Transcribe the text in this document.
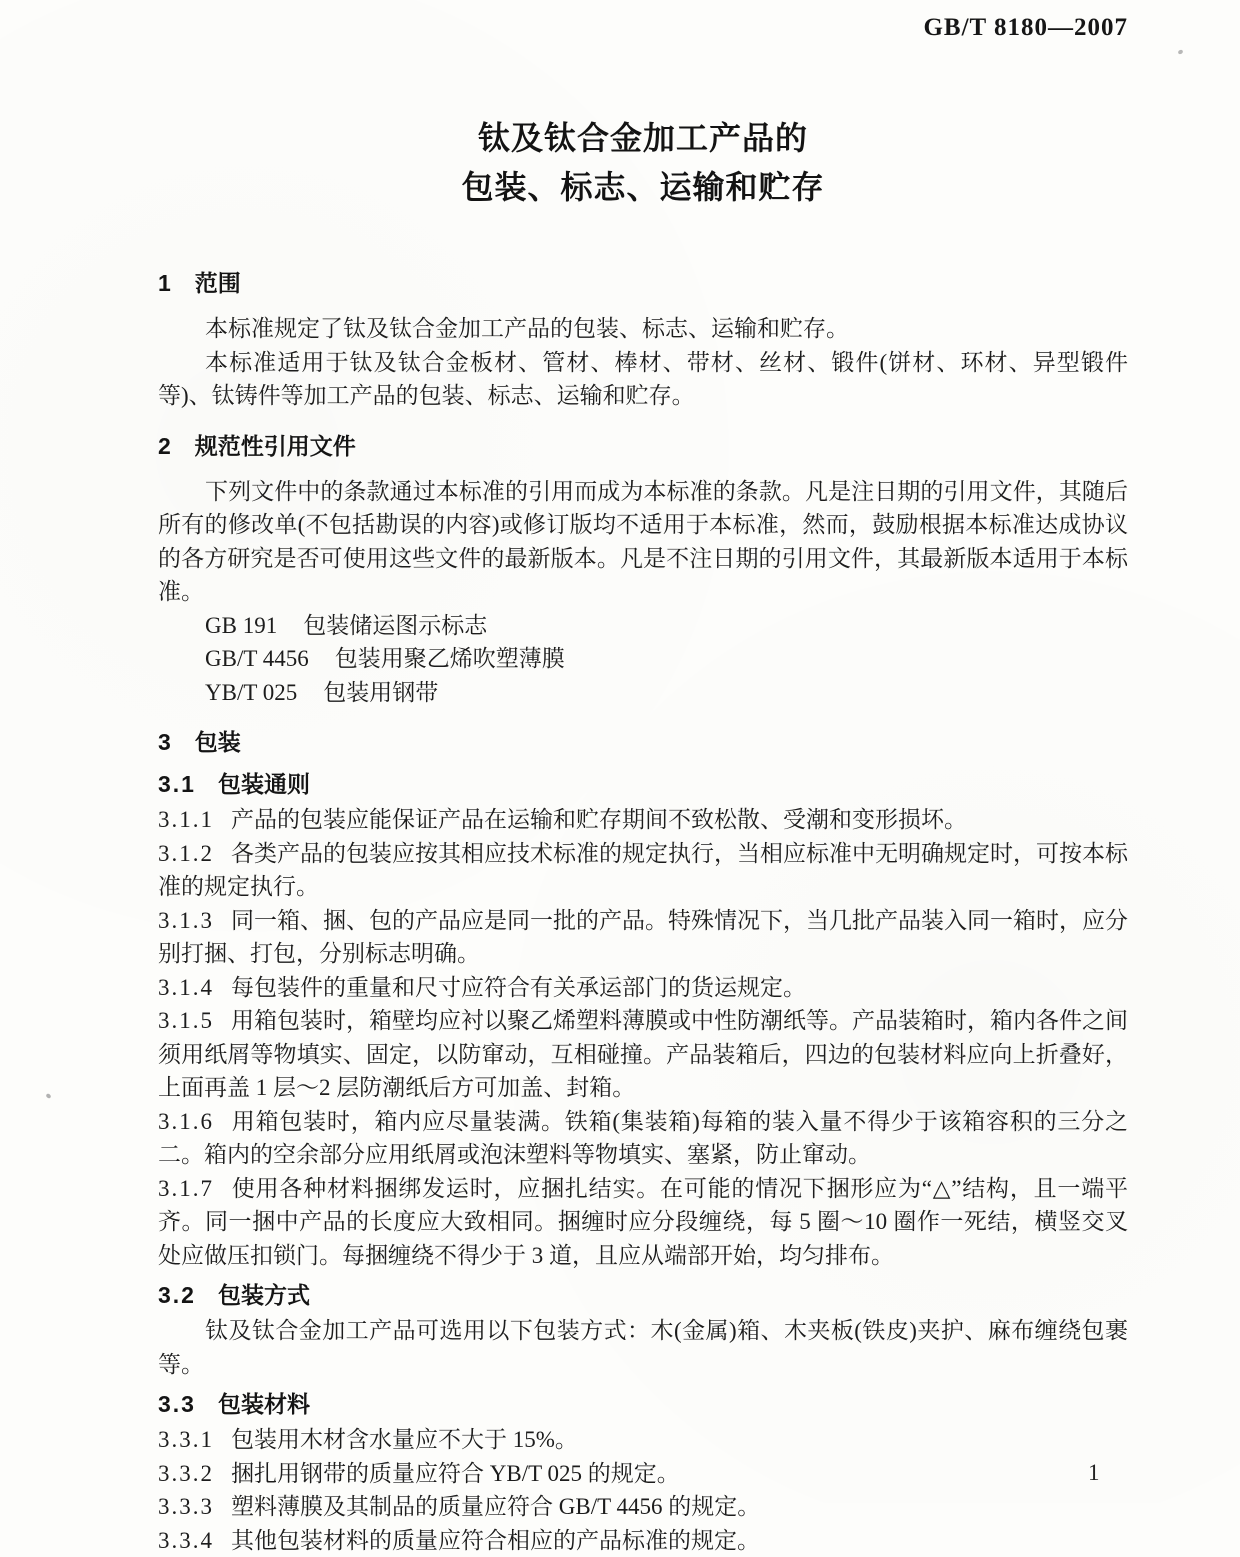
GB/T 8180—2007
钛及钛合金加工产品的
包装、标志、运输和贮存
1 范围

本标准规定了钛及钛合金加工产品的包装、标志、运输和贮存。

本标准适用于钛及钛合金板材、管材、棒材、带材、丝材、锻件(饼材、环材、异型锻件等)、钛铸件等加工产品的包装、标志、运输和贮存。

2 规范性引用文件

下列文件中的条款通过本标准的引用而成为本标准的条款。凡是注日期的引用文件，其随后所有的修改单(不包括勘误的内容)或修订版均不适用于本标准，然而，鼓励根据本标准达成协议的各方研究是否可使用这些文件的最新版本。凡是不注日期的引用文件，其最新版本适用于本标准。

GB 191 包装储运图示标志

GB/T 4456 包装用聚乙烯吹塑薄膜

YB/T 025 包装用钢带

3 包装
3.1 包装通则

3.1.1 产品的包装应能保证产品在运输和贮存期间不致松散、受潮和变形损坏。

3.1.2 各类产品的包装应按其相应技术标准的规定执行，当相应标准中无明确规定时，可按本标准的规定执行。

3.1.3 同一箱、捆、包的产品应是同一批的产品。特殊情况下，当几批产品装入同一箱时，应分别打捆、打包，分别标志明确。

3.1.4 每包装件的重量和尺寸应符合有关承运部门的货运规定。

3.1.5 用箱包装时，箱壁均应衬以聚乙烯塑料薄膜或中性防潮纸等。产品装箱时，箱内各件之间须用纸屑等物填实、固定，以防窜动，互相碰撞。产品装箱后，四边的包装材料应向上折叠好，上面再盖 1 层～2 层防潮纸后方可加盖、封箱。

3.1.6 用箱包装时，箱内应尽量装满。铁箱(集装箱)每箱的装入量不得少于该箱容积的三分之二。箱内的空余部分应用纸屑或泡沫塑料等物填实、塞紧，防止窜动。

3.1.7 使用各种材料捆绑发运时，应捆扎结实。在可能的情况下捆形应为“△”结构，且一端平齐。同一捆中产品的长度应大致相同。捆缠时应分段缠绕，每 5 圈～10 圈作一死结，横竖交叉处应做压扣锁门。每捆缠绕不得少于 3 道，且应从端部开始，均匀排布。

3.2 包装方式

钛及钛合金加工产品可选用以下包装方式：木(金属)箱、木夹板(铁皮)夹护、麻布缠绕包裹等。

3.3 包装材料

3.3.1 包装用木材含水量应不大于 15%。

3.3.2 捆扎用钢带的质量应符合 YB/T 025 的规定。

3.3.3 塑料薄膜及其制品的质量应符合 GB/T 4456 的规定。

3.3.4 其他包装材料的质量应符合相应的产品标准的规定。

1
